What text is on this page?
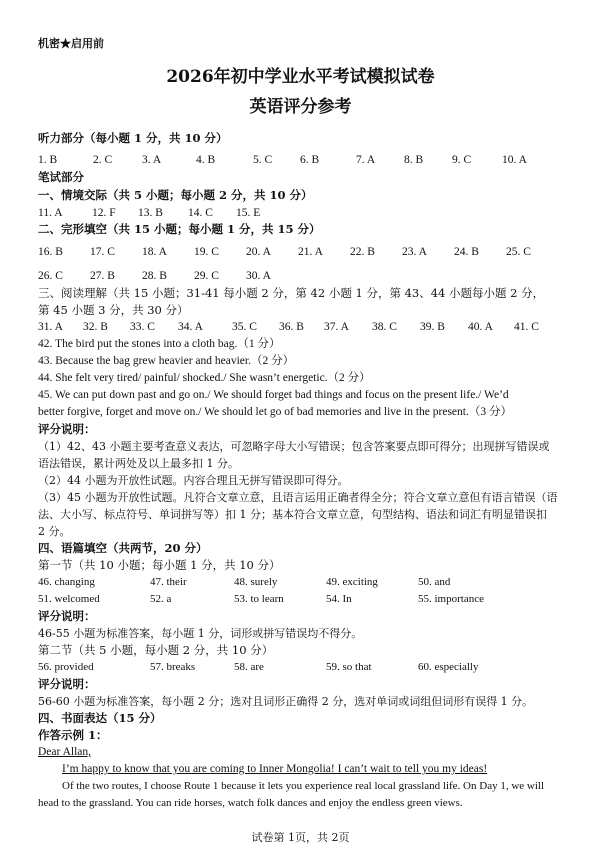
机密★启用前
2026年初中学业水平考试模拟试卷
英语评分参考
听力部分（每小题 1 分，共 10 分）
1. B	2. C	3. A	4. B	5. C 6. B	7. A	8. B	9. C	10. A
笔试部分
一、情境交际（共 5 小题；每小题 2 分，共 10 分）
11. A	12. F 13. B 14. C 15. E
二、完形填空（共 15 小题；每小题 1 分，共 15 分）
16. B 17. C 18. A 19. C 20. A 21. A 22. B 23. A 24. B 25. C
26. C 27. B 28. B 29. C 30. A
三、阅读理解（共 15 小题；31-41 每小题 2 分，第 42 小题 1 分，第 43、44 小题每小题 2 分，
第 45 小题 3 分，共 30 分）
31. A 32. B 33. C 34. A	35. C 36. B 37. A 38. C 39. B 40. A 41. C
42. The bird put the stones into a cloth bag.（1 分）
43. Because the bag grew heavier and heavier.（2 分）
44. She felt very tired/ painful/ shocked./ She wasn’t energetic.（2 分）
45. We can put down past and go on./ We should forget bad things and focus on the present life./ We’d
better forgive, forget and move on./ We should let go of bad memories and live in the present.（3 分）
评分说明：
（1）42、43 小题主要考查意义表达，可忽略字母大小写错误；包含答案要点即可得分；出现拼写错误或
语法错误，累计两处及以上最多扣 1 分。
（2）44 小题为开放性试题。内容合理且无拼写错误即可得分。
（3）45 小题为开放性试题。凡符合文章立意，且语言运用正确者得全分；符合文章立意但有语言错误（语
法、大小写、标点符号、单词拼写等）扣 1 分；基本符合文章立意，句型结构、语法和词汇有明显错误扣
2 分。
四、语篇填空（共两节，20 分）
第一节（共 10 小题；每小题 1 分，共 10 分）
46. changing	47. their	48. surely	49. exciting	50. and
51. welcomed	52. a	53. to learn	54. In	55. importance
评分说明：
46-55 小题为标准答案，每小题 1 分，词形或拼写错误均不得分。
第二节（共 5 小题，每小题 2 分，共 10 分）
56. provided	57. breaks	58. are	59. so that	60. especially
评分说明：
56-60 小题为标准答案，每小题 2 分；选对且词形正确得 2 分，选对单词或词组但词形有误得 1 分。
四、书面表达（15 分）
作答示例 1：
Dear Allan,
I’m happy to know that you are coming to Inner Mongolia! I can’t wait to tell you my ideas!
Of the two routes, I choose Route 1 because it lets you experience real local grassland life. On Day 1, we will
head to the grassland. You can ride horses, watch folk dances and enjoy the endless green views.
试卷第 1页，共 2页
